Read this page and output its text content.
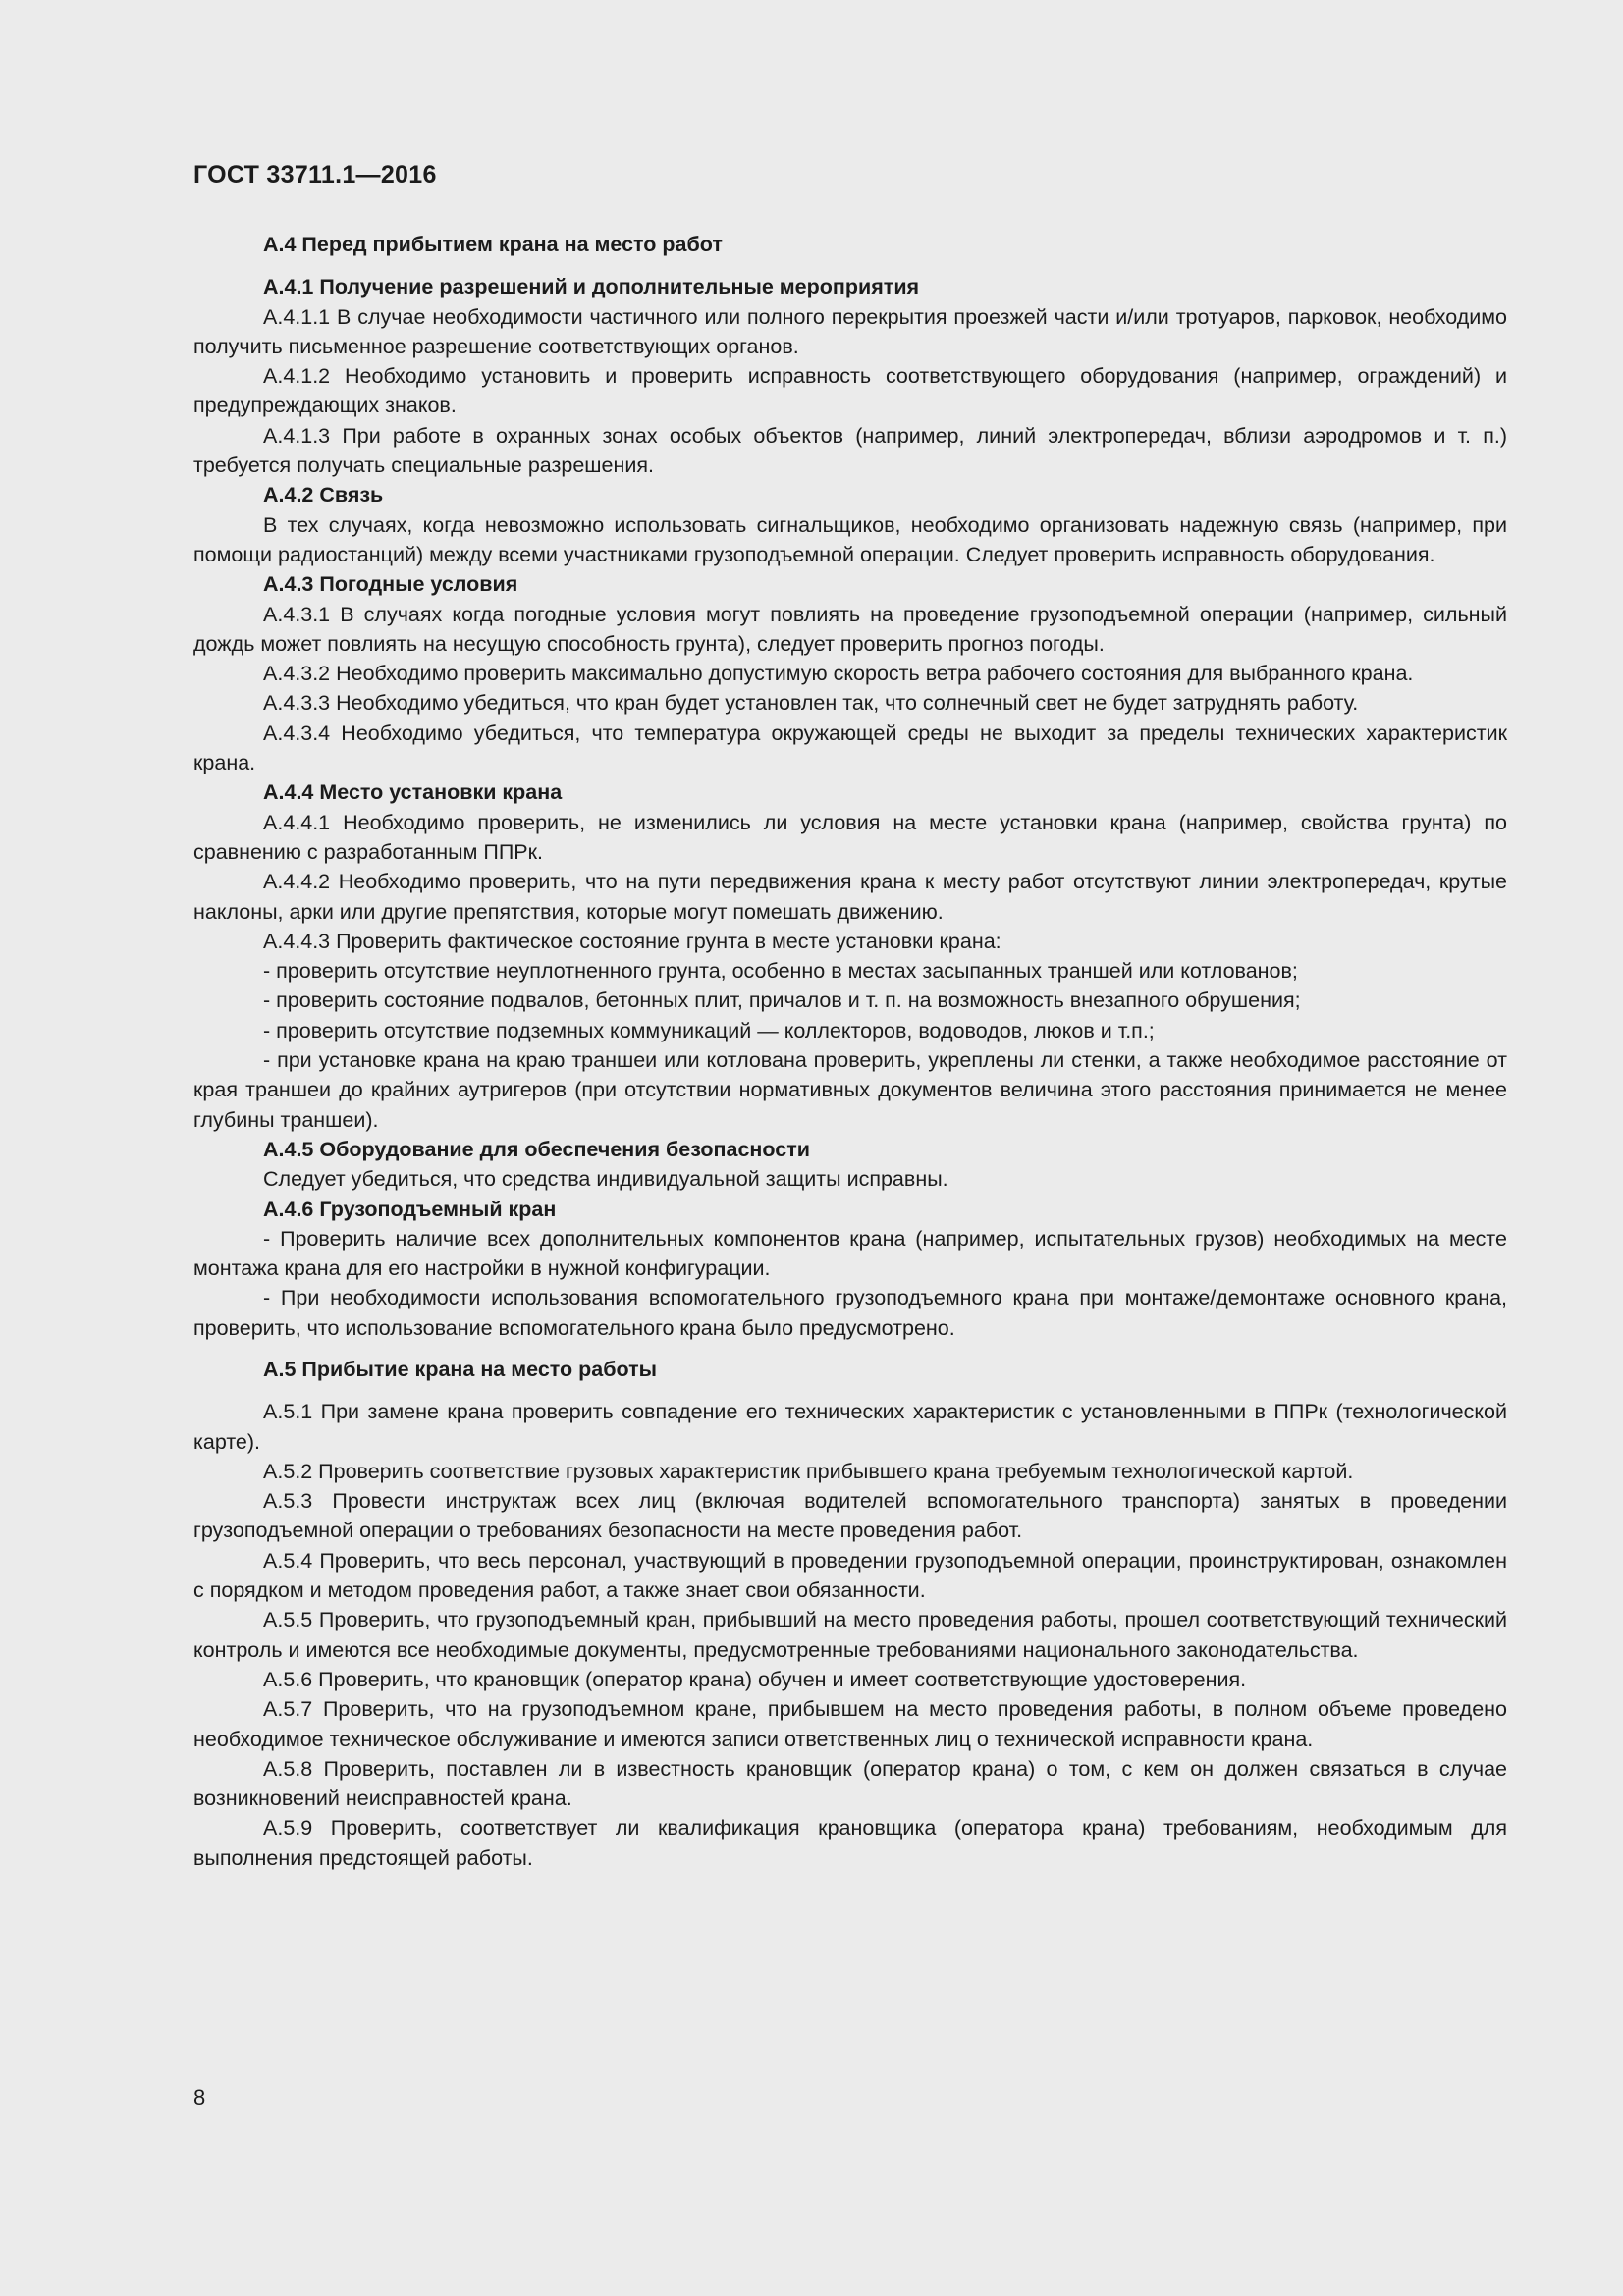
ГОСТ 33711.1—2016

А.4 Перед прибытием крана на место работ

А.4.1 Получение разрешений и дополнительные мероприятия

А.4.1.1 В случае необходимости частичного или полного перекрытия проезжей части и/или тротуаров, парковок, необходимо получить письменное разрешение соответствующих органов.

А.4.1.2 Необходимо установить и проверить исправность соответствующего оборудования (например, ограждений) и предупреждающих знаков.

А.4.1.3 При работе в охранных зонах особых объектов (например, линий электропередач, вблизи аэродромов и т. п.) требуется получать специальные разрешения.

А.4.2 Связь

В тех случаях, когда невозможно использовать сигнальщиков, необходимо организовать надежную связь (например, при помощи радиостанций) между всеми участниками грузоподъемной операции. Следует проверить исправность оборудования.

А.4.3 Погодные условия

А.4.3.1 В случаях когда погодные условия могут повлиять на проведение грузоподъемной операции (например, сильный дождь может повлиять на несущую способность грунта), следует проверить прогноз погоды.

А.4.3.2 Необходимо проверить максимально допустимую скорость ветра рабочего состояния для выбранного крана.

А.4.3.3 Необходимо убедиться, что кран будет установлен так, что солнечный свет не будет затруднять работу.

А.4.3.4 Необходимо убедиться, что температура окружающей среды не выходит за пределы технических характеристик крана.

А.4.4 Место установки крана

А.4.4.1 Необходимо проверить, не изменились ли условия на месте установки крана (например, свойства грунта) по сравнению с разработанным ППРк.

А.4.4.2 Необходимо проверить, что на пути передвижения крана к месту работ отсутствуют линии электропередач, крутые наклоны, арки или другие препятствия, которые могут помешать движению.

А.4.4.3 Проверить фактическое состояние грунта в месте установки крана:

- проверить отсутствие неуплотненного грунта, особенно в местах засыпанных траншей или котлованов;

- проверить состояние подвалов, бетонных плит, причалов и т. п. на возможность внезапного обрушения;

- проверить отсутствие подземных коммуникаций — коллекторов, водоводов, люков и т.п.;

- при установке крана на краю траншеи или котлована проверить, укреплены ли стенки, а также необходимое расстояние от края траншеи до крайних аутригеров (при отсутствии нормативных документов величина этого расстояния принимается не менее глубины траншеи).

А.4.5 Оборудование для обеспечения безопасности

Следует убедиться, что средства индивидуальной защиты исправны.

А.4.6 Грузоподъемный кран

- Проверить наличие всех дополнительных компонентов крана (например, испытательных грузов) необходимых на месте монтажа крана для его настройки в нужной конфигурации.

- При необходимости использования вспомогательного грузоподъемного крана при монтаже/демонтаже основного крана, проверить, что использование вспомогательного крана было предусмотрено.

А.5 Прибытие крана на место работы

А.5.1 При замене крана проверить совпадение его технических характеристик с установленными в ППРк (технологической карте).

А.5.2 Проверить соответствие грузовых характеристик прибывшего крана требуемым технологической картой.

А.5.3 Провести инструктаж всех лиц (включая водителей вспомогательного транспорта) занятых в проведении грузоподъемной операции о требованиях безопасности на месте проведения работ.

А.5.4 Проверить, что весь персонал, участвующий в проведении грузоподъемной операции, проинструктирован, ознакомлен с порядком и методом проведения работ, а также знает свои обязанности.

А.5.5 Проверить, что грузоподъемный кран, прибывший на место проведения работы, прошел соответствующий технический контроль и имеются все необходимые документы, предусмотренные требованиями национального законодательства.

А.5.6 Проверить, что крановщик (оператор крана) обучен и имеет соответствующие удостоверения.

А.5.7 Проверить, что на грузоподъемном кране, прибывшем на место проведения работы, в полном объеме проведено необходимое техническое обслуживание и имеются записи ответственных лиц о технической исправности крана.

А.5.8 Проверить, поставлен ли в известность крановщик (оператор крана) о том, с кем он должен связаться в случае возникновений неисправностей крана.

А.5.9 Проверить, соответствует ли квалификация крановщика (оператора крана) требованиям, необходимым для выполнения предстоящей работы.

8
